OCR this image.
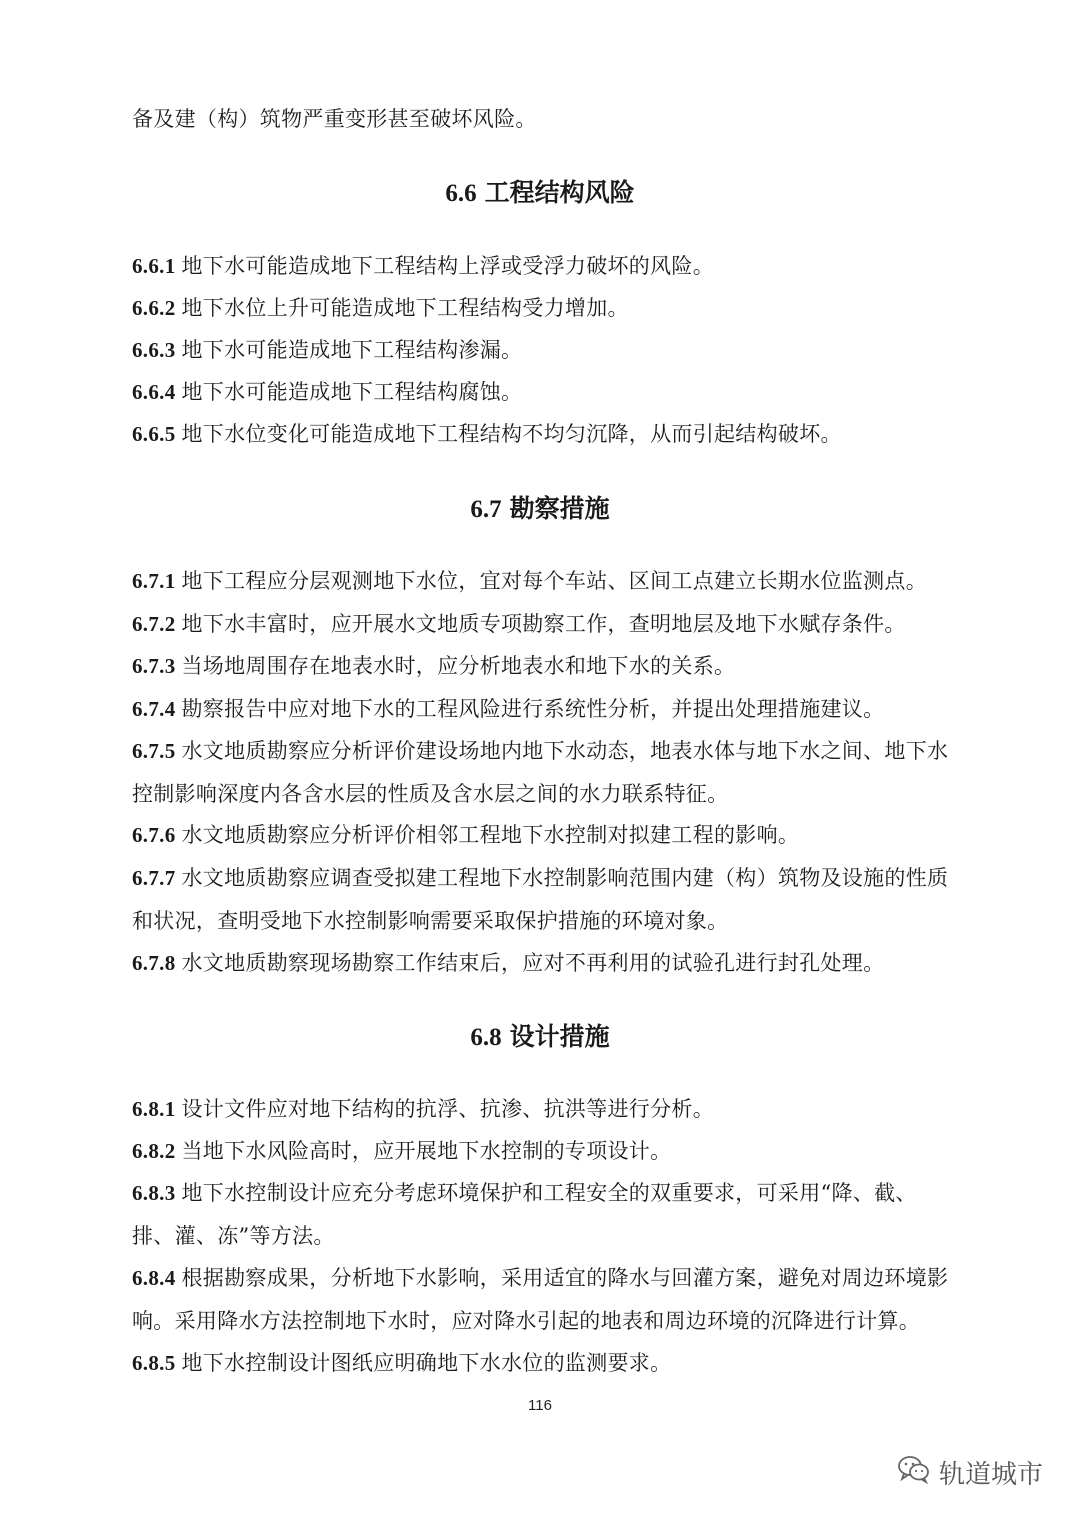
备及建（构）筑物严重变形甚至破坏风险。

6.6 工程结构风险

6.6.1 地下水可能造成地下工程结构上浮或受浮力破坏的风险。

6.6.2 地下水位上升可能造成地下工程结构受力增加。

6.6.3 地下水可能造成地下工程结构渗漏。

6.6.4 地下水可能造成地下工程结构腐蚀。

6.6.5 地下水位变化可能造成地下工程结构不均匀沉降，从而引起结构破坏。

6.7 勘察措施

6.7.1 地下工程应分层观测地下水位，宜对每个车站、区间工点建立长期水位监测点。

6.7.2 地下水丰富时，应开展水文地质专项勘察工作，查明地层及地下水赋存条件。

6.7.3 当场地周围存在地表水时，应分析地表水和地下水的关系。

6.7.4 勘察报告中应对地下水的工程风险进行系统性分析，并提出处理措施建议。

6.7.5 水文地质勘察应分析评价建设场地内地下水动态，地表水体与地下水之间、地下水控制影响深度内各含水层的性质及含水层之间的水力联系特征。

6.7.6 水文地质勘察应分析评价相邻工程地下水控制对拟建工程的影响。

6.7.7 水文地质勘察应调查受拟建工程地下水控制影响范围内建（构）筑物及设施的性质和状况，查明受地下水控制影响需要采取保护措施的环境对象。

6.7.8 水文地质勘察现场勘察工作结束后，应对不再利用的试验孔进行封孔处理。

6.8 设计措施

6.8.1 设计文件应对地下结构的抗浮、抗渗、抗洪等进行分析。

6.8.2 当地下水风险高时，应开展地下水控制的专项设计。

6.8.3 地下水控制设计应充分考虑环境保护和工程安全的双重要求，可采用“降、截、排、灌、冻”等方法。

6.8.4 根据勘察成果，分析地下水影响，采用适宜的降水与回灌方案，避免对周边环境影响。采用降水方法控制地下水时，应对降水引起的地表和周边环境的沉降进行计算。

6.8.5 地下水控制设计图纸应明确地下水水位的监测要求。

116
轨道城市
